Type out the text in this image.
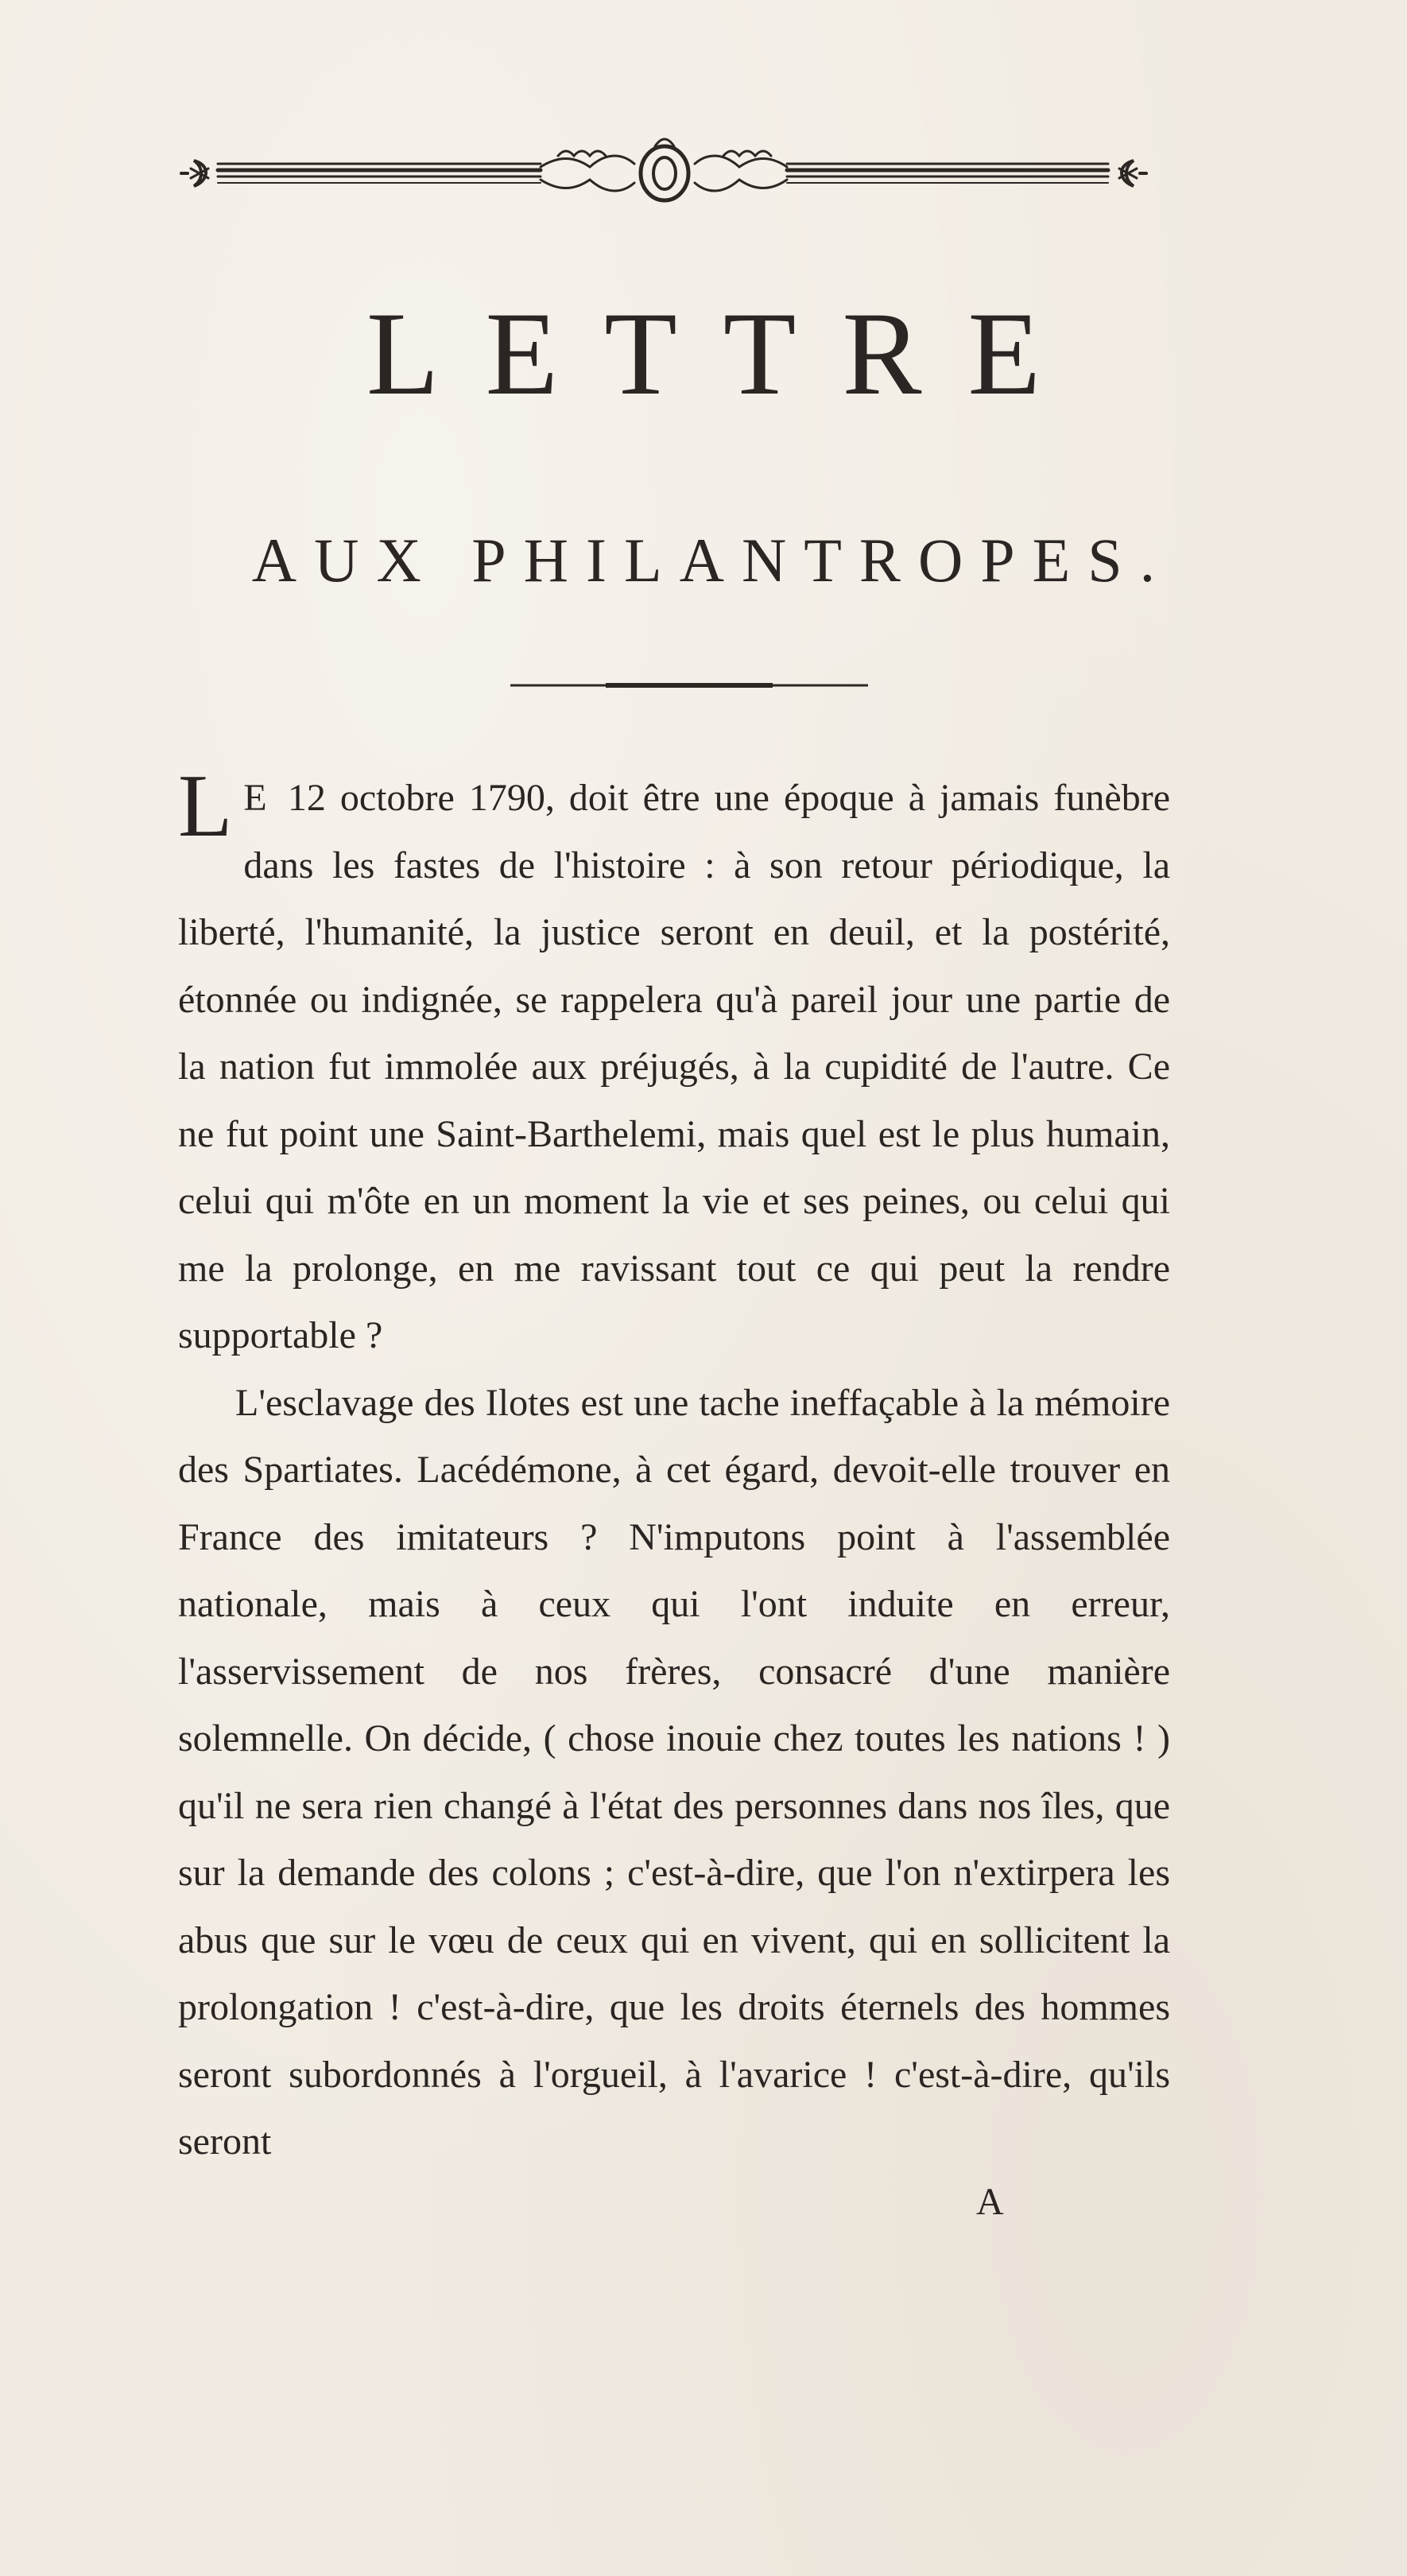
LETTRE
AUX PHILANTROPES.

L E 12 octobre 1790, doit être une époque à jamais funèbre dans les fastes de l'histoire : à son retour périodique, la liberté, l'humanité, la justice seront en deuil, et la postérité, étonnée ou indignée, se rappelera qu'à pareil jour une partie de la nation fut immolée aux préjugés, à la cupidité de l'autre. Ce ne fut point une Saint-Barthelemi, mais quel est le plus humain, celui qui m'ôte en un moment la vie et ses peines, ou celui qui me la prolonge, en me ravissant tout ce qui peut la rendre supportable ?

L'esclavage des Ilotes est une tache ineffaçable à la mémoire des Spartiates. Lacédémone, à cet égard, devoit-elle trouver en France des imitateurs ? N'imputons point à l'assemblée nationale, mais à ceux qui l'ont induite en erreur, l'asservissement de nos frères, consacré d'une manière solemnelle. On décide, ( chose inouie chez toutes les nations ! ) qu'il ne sera rien changé à l'état des personnes dans nos îles, que sur la demande des colons ; c'est-à-dire, que l'on n'extirpera les abus que sur le vœu de ceux qui en vivent, qui en sollicitent la prolongation ! c'est-à-dire, que les droits éternels des hommes seront subordonnés à l'orgueil, à l'avarice ! c'est-à-dire, qu'ils seront

A
